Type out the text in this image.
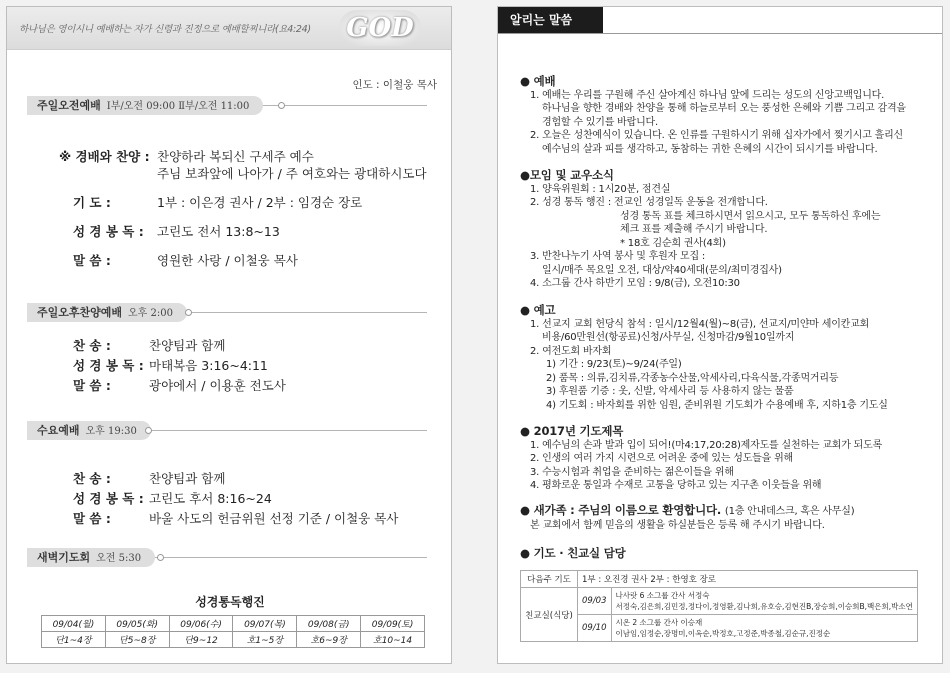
하나님은 영이시니 예배하는 자가 신령과 진정으로 예배할찌니라(요4:24) GOD
인도 : 이철웅 목사
주일오전예배 Ⅰ부/오전 09:00 Ⅱ부/오전 11:00
※ 경배와 찬양 : 찬양하라 복되신 구세주 예수
주님 보좌앞에 나아가 / 주 여호와는 광대하시도다
기 도 :	1부 : 이은경 권사 / 2부 : 임경순 장로
성 경 봉 독 : 고린도 전서 13:8~13
말 씀 :	영원한 사랑 / 이철웅 목사
주일오후찬양예배 오후 2:00
찬 송 :	찬양팀과 함께
성 경 봉 독 : 마태복음 3:16~4:11
말 씀 :	광야에서 / 이용훈 전도사
수요예배 오후 19:30
찬 송 :	찬양팀과 함께
성 경 봉 독 : 고린도 후서 8:16~24
말 씀 :	바울 사도의 헌금위원 선정 기준 / 이철웅 목사
새벽기도회 오전 5:30
성경통독행진
09/04(월)	09/05(화)	09/06(수)	09/07(목)	09/08(금)	09/09(토)
단1~4장	단5~8장	단9~12	호1~5장	호6~9장	호10~14
알리는 말씀
● 예배
1. 예배는 우리를 구원해 주신 살아계신 하나님 앞에 드리는 성도의 신앙고백입니다.
하나님을 향한 경배와 찬양을 통해 하늘로부터 오는 풍성한 은혜와 기쁨 그리고 감격을
경험할 수 있기를 바랍니다.
2. 오늘은 성찬예식이 있습니다. 온 인류를 구원하시기 위해 십자가에서 찢기시고 흘리신
예수님의 살과 피를 생각하고, 동참하는 귀한 은혜의 시간이 되시기를 바랍니다.
●모임 및 교우소식
1. 양육위원회 : 1시20분, 점견실
2. 성경 통독 행진 : 전교인 성경일독 운동을 전개합니다.
성경 통독 표를 체크하시면서 읽으시고, 모두 통독하신 후에는
체크 표를 제출해 주시기 바랍니다.
* 18호 김순희 권사(4회)
3. 반찬나누기 사역 봉사 및 후원자 모집 :
일시/매주 목요일 오전, 대상/약40세대(문의/최미경집사)
4. 소그룹 간사 하반기 모임 : 9/8(금), 오전10:30
● 예고
1. 선교지 교회 헌당식 참석 : 일시/12월4(월)~8(금), 선교지/미얀마 세이칸교회
비용/60만원선(항공료)신청/사무실, 신청마감/9월10일까지
2. 여전도회 바자회
1) 기간 : 9/23(토)~9/24(주일)
2) 품목 : 의류,김치류,각종농수산물,악세사리,다육식물,각종먹거리등
3) 후원품 기증 : 옷, 신발, 악세사리 등 사용하지 않는 물품
4) 기도회 : 바자회를 위한 임원, 준비위원 기도회가 수용예배 후, 지하1층 기도실
● 2017년 기도제목
1. 예수님의 손과 발과 입이 되어!(마4:17,20:28)제자도를 실천하는 교회가 되도록
2. 인생의 여러 가지 시련으로 어려운 중에 있는 성도들을 위해
3. 수능시험과 취업을 준비하는 젊은이들을 위해
4. 평화로운 통일과 수재로 고통을 당하고 있는 지구촌 이웃들을 위해
● 새가족 : 주님의 이름으로 환영합니다. (1층 안내데스크, 혹은 사무실)
본 교회에서 함께 믿음의 생활을 하실분들은 등록 해 주시기 바랍니다.
● 기도 · 친교실 담당
다음주 기도	1부 : 오진경 권사 2부 : 한영호 장로	
친교실(식당)	09/03	나사랏 6 소그룹 간사 서정숙
서정숙,김은희,김민정,정다이,정영환,김나희,유호승,김현진B,장승희,이승희B,백은희,박소연

	09/10	시온 2 소그룹 간사 이승재
이남임,임정순,장명미,이옥순,박정호,고정준,박종철,김순규,진정순
